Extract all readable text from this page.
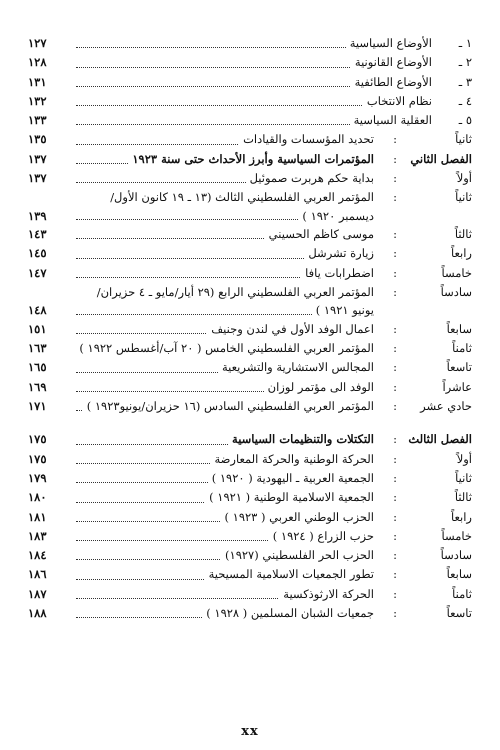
١ ـ
الأوضاع السياسية
١٢٧
٢ ـ
الأوضاع القانونية
١٢٨
٣ ـ
الأوضاع الطائفية
١٣١
٤ ـ
نظام الانتخاب
١٣٢
٥ ـ
العقلية السياسية
١٣٣
ثانياً
:
تحديد المؤسسات والقيادات
١٣٥
الفصل الثاني
:
المؤتمرات السياسية وأبرز الأحداث حتى سنة ١٩٢٣
١٣٧
أولاً
:
بداية حكم هربرت صموئيل
١٣٧
ثانياً
:
المؤتمر العربي الفلسطيني الثالث (١٣ ـ ١٩ كانون الأول/
ديسمبر ١٩٢٠ )
١٣٩
ثالثاً
:
موسى كاظم الحسيني
١٤٣
رابعاً
:
زيارة تشرشل
١٤٥
خامساً
:
اضطرابات يافا
١٤٧
سادساً
:
المؤتمر العربي الفلسطيني الرابع (٢٩ أيار/مايو ـ ٤ حزيران/
يونيو ١٩٢١ )
١٤٨
سابعاً
:
اعمال الوفد الأول في لندن وجنيف
١٥١
ثامناً
:
المؤتمر العربي الفلسطيني الخامس ( ٢٠ آب/أغسطس ١٩٢٢ )
١٦٣
تاسعاً
:
المجالس الاستشارية والتشريعية
١٦٥
عاشراً
:
الوفد الى مؤتمر لوزان
١٦٩
حادي عشر
:
المؤتمر العربي الفلسطيني السادس (١٦ حزيران/يونيو١٩٢٣ )
١٧١
الفصل الثالث
:
التكتلات والتنظيمات السياسية
١٧٥
أولاً
:
الحركة الوطنية والحركة المعارضة
١٧٥
ثانياً
:
الجمعية العربية ـ اليهودية ( ١٩٢٠ )
١٧٩
ثالثاً
:
الجمعية الاسلامية الوطنية ( ١٩٢١ )
١٨٠
رابعاً
:
الحزب الوطني العربي ( ١٩٢٣ )
١٨١
خامساً
:
حزب الزراع ( ١٩٢٤ )
١٨٣
سادساً
:
الحزب الحر الفلسطيني (١٩٢٧)
١٨٤
سابعاً
:
تطور الجمعيات الاسلامية المسيحية
١٨٦
ثامناً
:
الحركة الارثوذكسية
١٨٧
تاسعاً
:
جمعيات الشبان المسلمين ( ١٩٢٨ )
١٨٨
xx
